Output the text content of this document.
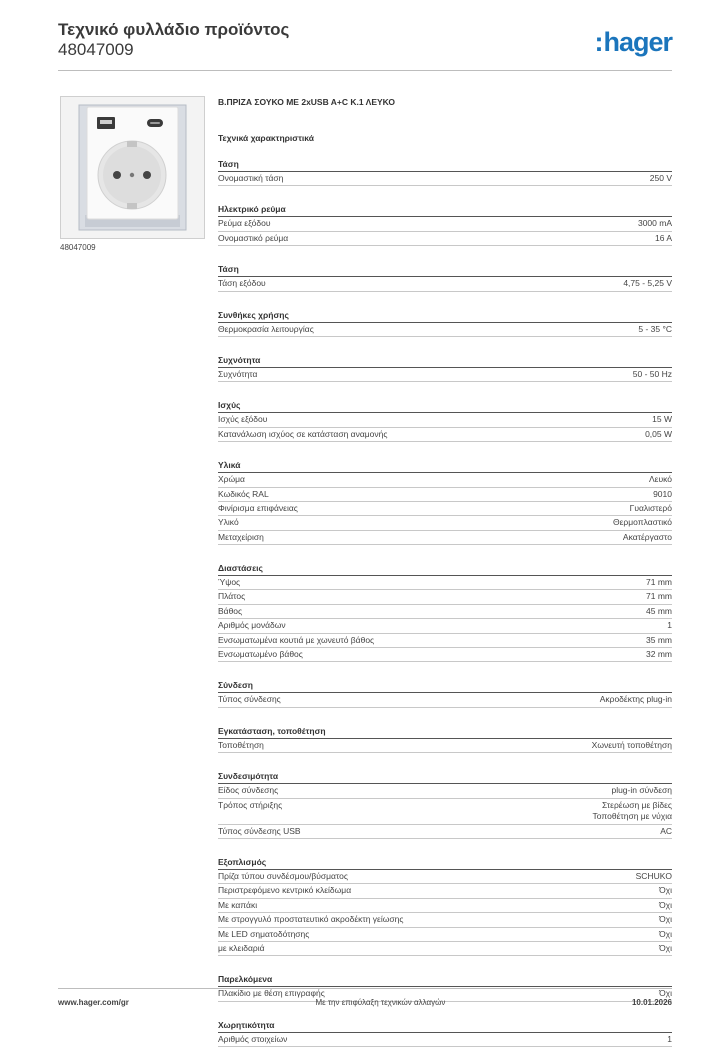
Τεχνικό φυλλάδιο προϊόντος
48047009	:hager
48047009
Β.ΠΡΙΖΑ ΣΟΥΚΟ ΜΕ 2xUSB A+C Κ.1 ΛΕΥΚΟ
Τεχνικά χαρακτηριστικά
Τάση
Ονομαστική τάση	250 V
Ηλεκτρικό ρεύμα
Ρεύμα εξόδου	3000 mA
Ονομαστικό ρεύμα	16 A
Τάση
Τάση εξόδου	4,75 - 5,25 V
Συνθήκες χρήσης
Θερμοκρασία λειτουργίας	5 - 35 °C
Συχνότητα
Συχνότητα	50 - 50 Hz
Ισχύς
Ισχύς εξόδου	15 W
Κατανάλωση ισχύος σε κατάσταση αναμονής	0,05 W
Υλικά
Χρώμα	Λευκό
Κωδικός RAL	9010
Φινίρισμα επιφάνειας	Γυαλιστερό
Υλικό	Θερμοπλαστικό
Μεταχείριση	Ακατέργαστο
Διαστάσεις
Ύψος	71 mm
Πλάτος	71 mm
Βάθος	45 mm
Αριθμός μονάδων	1
Ενσωματωμένα κουτιά με χωνευτό βάθος	35 mm
Ενσωματωμένο βάθος	32 mm
Σύνδεση
Τύπος σύνδεσης	Ακροδέκτης plug-in
Εγκατάσταση, τοποθέτηση
Τοποθέτηση	Χωνευτή τοποθέτηση
Συνδεσιμότητα
Είδος σύνδεσης	plug-in σύνδεση
Τρόπος στήριξης	Στερέωση με βίδες
Τοποθέτηση με νύχια
Τύπος σύνδεσης USB	AC
Εξοπλισμός
Πρίζα τύπου συνδέσμου/βύσματος	SCHUKO
Περιστρεφόμενο κεντρικό κλείδωμα	Όχι
Με καπάκι	Όχι
Με στρογγυλό προστατευτικό ακροδέκτη γείωσης	Όχι
Με LED σηματοδότησης	Όχι
με κλειδαριά	Όχι
Παρελκόμενα
Πλακίδιο με θέση επιγραφής	Όχι
Χωρητικότητα
Αριθμός στοιχείων	1
www.hager.com/gr	Με την επιφύλαξη τεχνικών αλλαγών	10.01.2026
